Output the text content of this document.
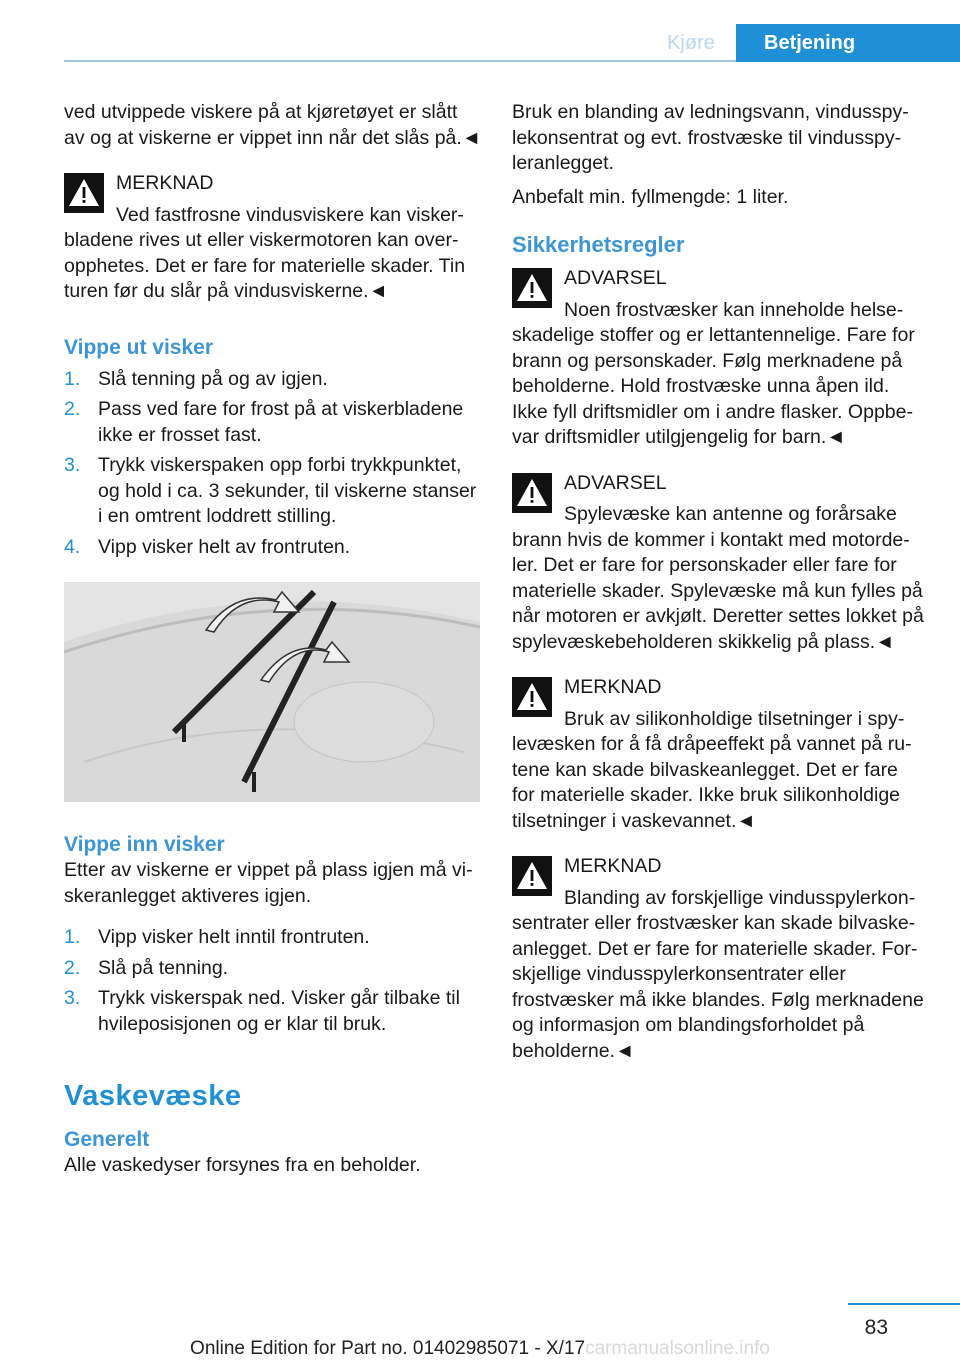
Kjøre	Betjening

ved utvippede viskere på at kjøretøyet er slått av og at viskerne er vippet inn når det slås på.◄

MERKNAD
Ved fastfrosne vindusviskere kan viskerbladene rives ut eller viskermotoren kan overopphetes. Det er fare for materielle skader. Tin turen før du slår på vindusviskerne.◄
Vippe ut visker
1. Slå tenning på og av igjen.
2. Pass ved fare for frost på at viskerbladene ikke er frosset fast.
3. Trykk viskerspaken opp forbi trykkpunktet, og hold i ca. 3 sekunder, til viskerne stanser i en omtrent loddrett stilling.
4. Vipp visker helt av frontruten.
Vippe inn visker

Etter av viskerne er vippet på plass igjen må viskeranlegget aktiveres igjen.

1. Vipp visker helt inntil frontruten.
2. Slå på tenning.
3. Trykk viskerspak ned. Visker går tilbake til hvileposisjonen og er klar til bruk.
Vaskevæske
Generelt

Alle vaskedyser forsynes fra en beholder.

Bruk en blanding av ledningsvann, vindusspylekonsentrat og evt. frostvæske til vindusspyleranlegget.

Anbefalt min. fyllmengde: 1 liter.

Sikkerhetsregler
ADVARSEL
Noen frostvæsker kan inneholde helseskadelige stoffer og er lettantennelige. Fare for brann og personskader. Følg merknadene på beholderne. Hold frostvæske unna åpen ild. Ikke fyll driftsmidler om i andre flasker. Oppbevar driftsmidler utilgjengelig for barn.◄
ADVARSEL
Spylevæske kan antenne og forårsake brann hvis de kommer i kontakt med motordeler. Det er fare for personskader eller fare for materielle skader. Spylevæske må kun fylles på når motoren er avkjølt. Deretter settes lokket på spylevæskebeholderen skikkelig på plass.◄
MERKNAD
Bruk av silikonholdige tilsetninger i spylevæsken for å få dråpeeffekt på vannet på rutene kan skade bilvaskeanlegget. Det er fare for materielle skader. Ikke bruk silikonholdige tilsetninger i vaskevannet.◄
MERKNAD
Blanding av forskjellige vindusspylerkonsentrater eller frostvæsker kan skade bilvaskeanlegget. Det er fare for materielle skader. Forskjellige vindusspylerkonsentrater eller frostvæsker må ikke blandes. Følg merknadene og informasjon om blandingsforholdet på beholderne.◄
83
Online Edition for Part no. 01402985071 - X/17carmanualsonline.info
